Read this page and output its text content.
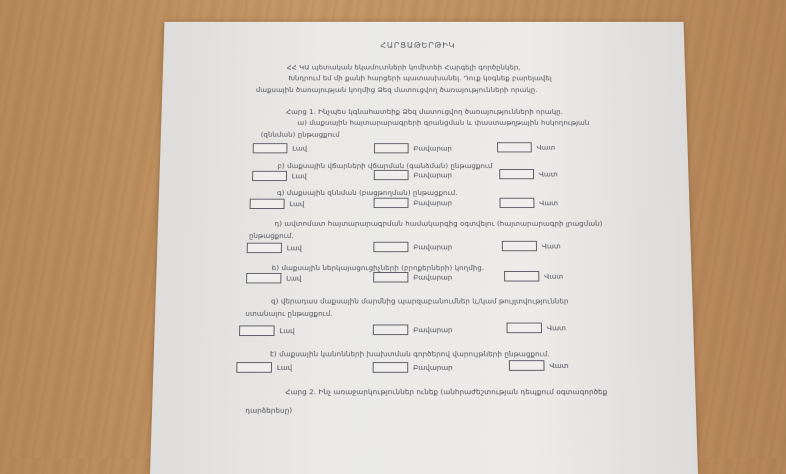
ՀԱՐՑԱԹԵՐԹԻԿ
ՀՀ ԿԱ պետական եկամուտների կոմիտեի Հարգելի գործընկեր,
Խնդրում եմ մի քանի հարցերի պատասխանել. Դուք կօգնեք բարելավել
մաքսային ծառայության կողմից Ձեզ մատուցվող ծառայությունների որակը.
Հարց 1. Ինչպես կգնահատեիք Ձեզ մատուցվող ծառայությունների որակը.
ա) մաքսային հայտարարագրերի գրանցման և փաստաթղթային հսկողության
(զննման) ընթացքում
Լավ	Բավարար	Վատ
բ) մաքսային վճարների վճարման (գանձման) ընթացքում
Լավ	Բավարար	Վատ
գ) մաքսային զննման (բացթողման) ընթացքում.
Լավ	Բավարար	Վատ
դ) ավտոմատ հայտարարագրման համակարգից օգտվելու (հայտարարագրի լրացման)
ընթացքում.
Լավ	Բավարար	Վատ
ե) մաքսային ներկայացուցիչների (բրոքերների) կողմից.
Լավ	Բավարար	Վատ
զ) վերադաս մաքսային մարմնից պարզաբանումներ և/կամ թույլտվություններ
ստանալու ընթացքում.
Լավ	Բավարար	Վատ
է) մաքսային կանոնների խախտման գործերով վարույթների ընթացքում.
Լավ	Բավարար	Վատ
Հարց 2. Ինչ առաջարկություններ ունեք (անհրաժեշտության դեպքում օգտագործեք
դարձերեսը)
